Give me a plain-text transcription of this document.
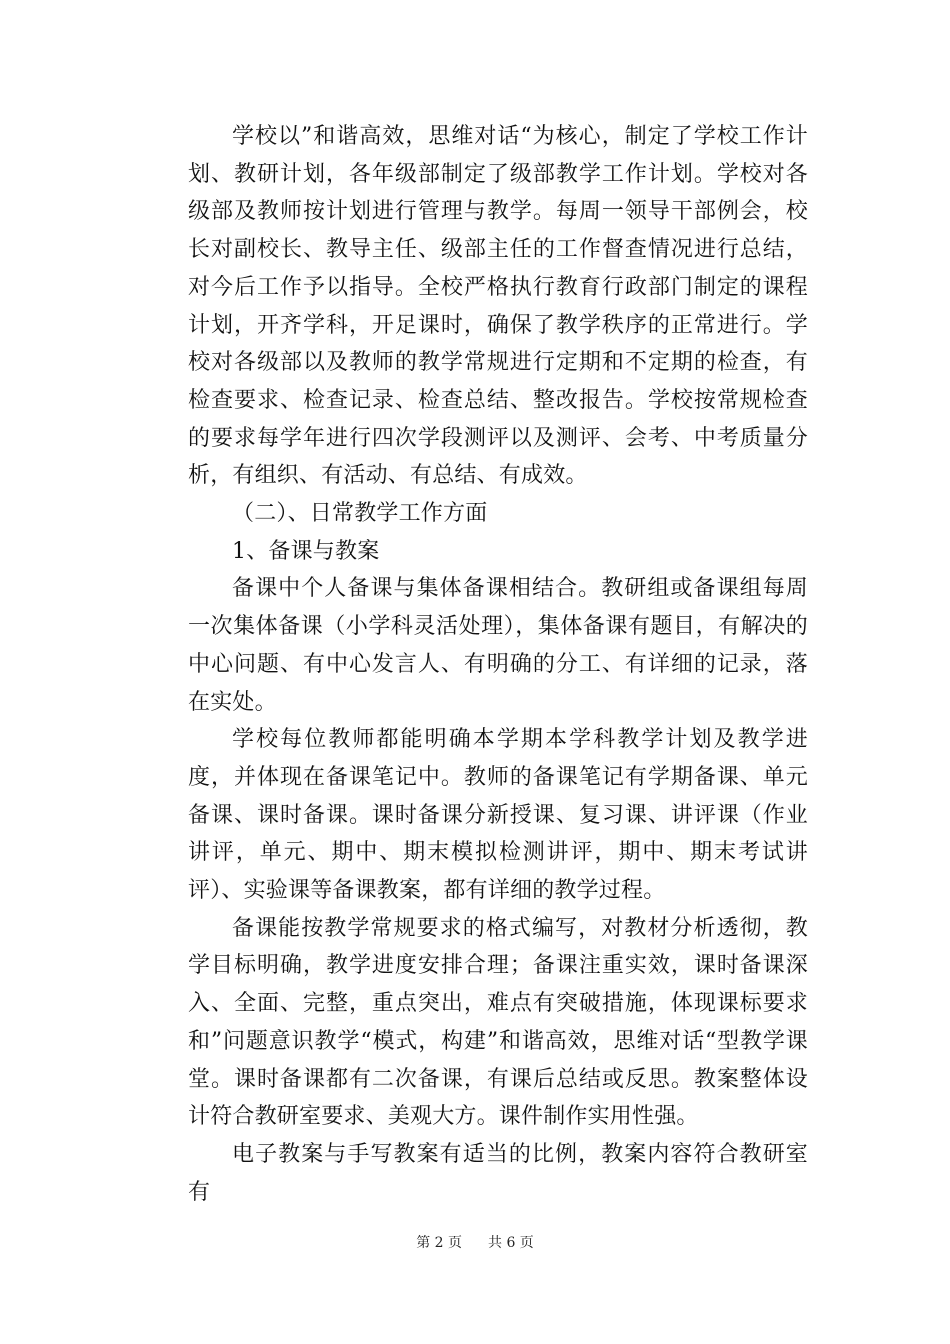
学校以”和谐高效，思维对话“为核心，制定了学校工作计划、教研计划，各年级部制定了级部教学工作计划。学校对各级部及教师按计划进行管理与教学。每周一领导干部例会，校长对副校长、教导主任、级部主任的工作督查情况进行总结，对今后工作予以指导。全校严格执行教育行政部门制定的课程计划，开齐学科，开足课时，确保了教学秩序的正常进行。学校对各级部以及教师的教学常规进行定期和不定期的检查，有检查要求、检查记录、检查总结、整改报告。学校按常规检查的要求每学年进行四次学段测评以及测评、会考、中考质量分析，有组织、有活动、有总结、有成效。

（二）、日常教学工作方面

1、备课与教案

备课中个人备课与集体备课相结合。教研组或备课组每周一次集体备课（小学科灵活处理），集体备课有题目，有解决的中心问题、有中心发言人、有明确的分工、有详细的记录，落在实处。

学校每位教师都能明确本学期本学科教学计划及教学进度，并体现在备课笔记中。教师的备课笔记有学期备课、单元备课、课时备课。课时备课分新授课、复习课、讲评课（作业讲评，单元、期中、期末模拟检测讲评，期中、期末考试讲评）、实验课等备课教案，都有详细的教学过程。

备课能按教学常规要求的格式编写，对教材分析透彻，教学目标明确，教学进度安排合理；备课注重实效，课时备课深入、全面、完整，重点突出，难点有突破措施，体现课标要求和”问题意识教学“模式，构建”和谐高效，思维对话“型教学课堂。课时备课都有二次备课，有课后总结或反思。教案整体设计符合教研室要求、美观大方。课件制作实用性强。

电子教案与手写教案有适当的比例，教案内容符合教研室有

第 2 页 共 6 页
